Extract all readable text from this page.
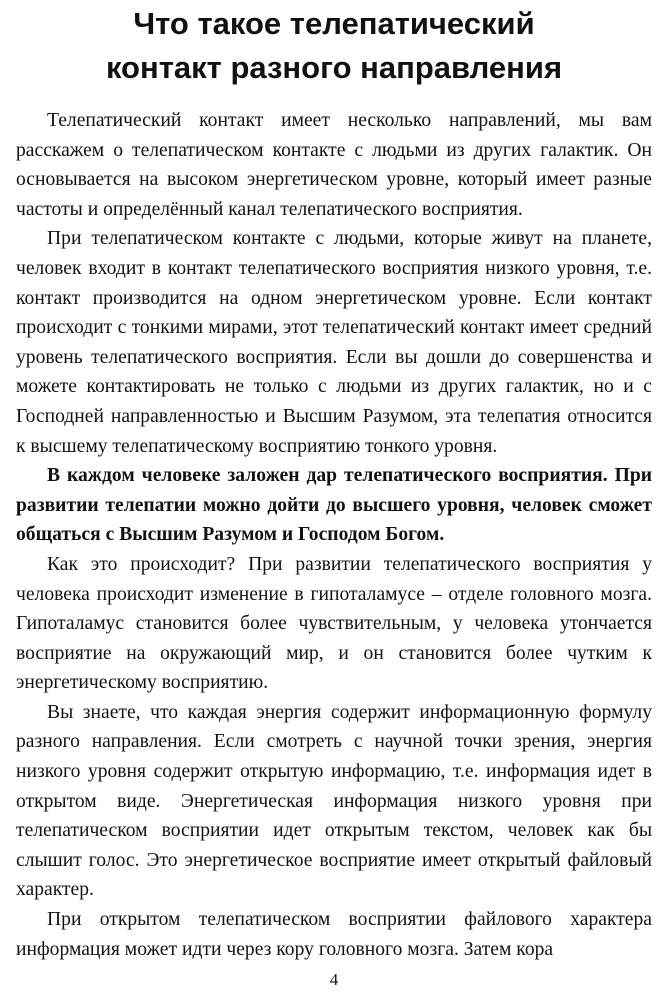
Что такое телепатический
контакт разного направления

Телепатический контакт имеет несколько направлений, мы вам расскажем о телепатическом контакте с людьми из других галактик. Он основывается на высоком энергетическом уровне, который имеет разные частоты и определённый канал телепатического восприятия.

При телепатическом контакте с людьми, которые живут на планете, человек входит в контакт телепатического восприятия низкого уровня, т.е. контакт производится на одном энергетическом уровне. Если контакт происходит с тонкими мирами, этот телепатический контакт имеет средний уровень телепатического восприятия. Если вы дошли до совершенства и можете контактировать не только с людьми из других галактик, но и с Господней направленностью и Высшим Разумом, эта телепатия относится к высшему телепатическому восприятию тонкого уровня.

В каждом человеке заложен дар телепатического восприятия. При развитии телепатии можно дойти до высшего уровня, человек сможет общаться с Высшим Разумом и Господом Богом.

Как это происходит? При развитии телепатического восприятия у человека происходит изменение в гипоталамусе – отделе головного мозга. Гипоталамус становится более чувствительным, у человека утончается восприятие на окружающий мир, и он становится более чутким к энергетическому восприятию.

Вы знаете, что каждая энергия содержит информационную формулу разного направления. Если смотреть с научной точки зрения, энергия низкого уровня содержит открытую информацию, т.е. информация идет в открытом виде. Энергетическая информация низкого уровня при телепатическом восприятии идет открытым текстом, человек как бы слышит голос. Это энергетическое восприятие имеет открытый файловый характер.

При открытом телепатическом восприятии файлового характера информация может идти через кору головного мозга. Затем кора

4
